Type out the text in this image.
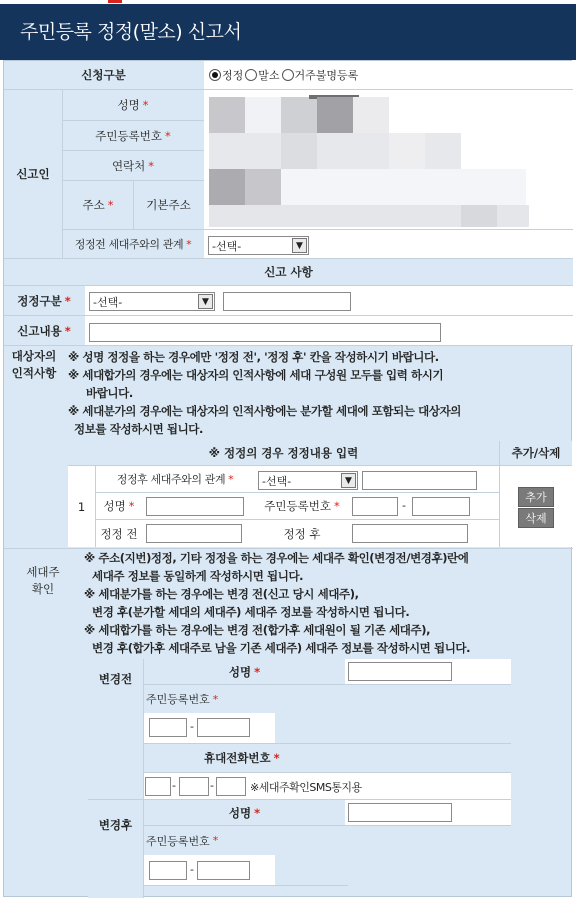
주민등록 정정(말소) 신고서
신청구분	정정 말소 거주불명등록
신고인
성명 *
주민등록번호 *
연락처 *
주소 *	기본주소
정정전 세대주와의 관계 *	-선택-	▼
신고 사항
정정구분 *	-선택-	▼
신고내용 *
대상자의
인적사항
※ 성명 정정을 하는 경우에만 '정정 전', '정정 후' 칸을 작성하시기 바랍니다.
※ 세대합가의 경우에는 대상자의 인적사항에 세대 구성원 모두를 입력 하시기
바랍니다.
※ 세대분가의 경우에는 대상자의 인적사항에는 분가할 세대에 포함되는 대상자의
정보를 작성하시면 됩니다.
※ 정정의 경우 정정내용 입력	추가/삭제
1
정정후 세대주와의 관계 *	-선택-	▼
성명 *	주민등록번호 *	-
정정 전	정정 후
추가
삭제
세대주
확인
※ 주소(지번)정정, 기타 정정을 하는 경우에는 세대주 확인(변경전/변경후)란에
세대주 정보를 동일하게 작성하시면 됩니다.
※ 세대분가를 하는 경우에는 변경 전(신고 당시 세대주),
변경 후(분가할 세대의 세대주) 세대주 정보를 작성하시면 됩니다.
※ 세대합가를 하는 경우에는 변경 전(합가후 세대원이 될 기존 세대주),
변경 후(합가후 세대주로 남을 기존 세대주) 세대주 정보를 작성하시면 됩니다.
변경전
성명 *
주민등록번호 *
-
휴대전화번호 *
-	-	※세대주확인SMS통지용
변경후
성명 *
주민등록번호 *
-
